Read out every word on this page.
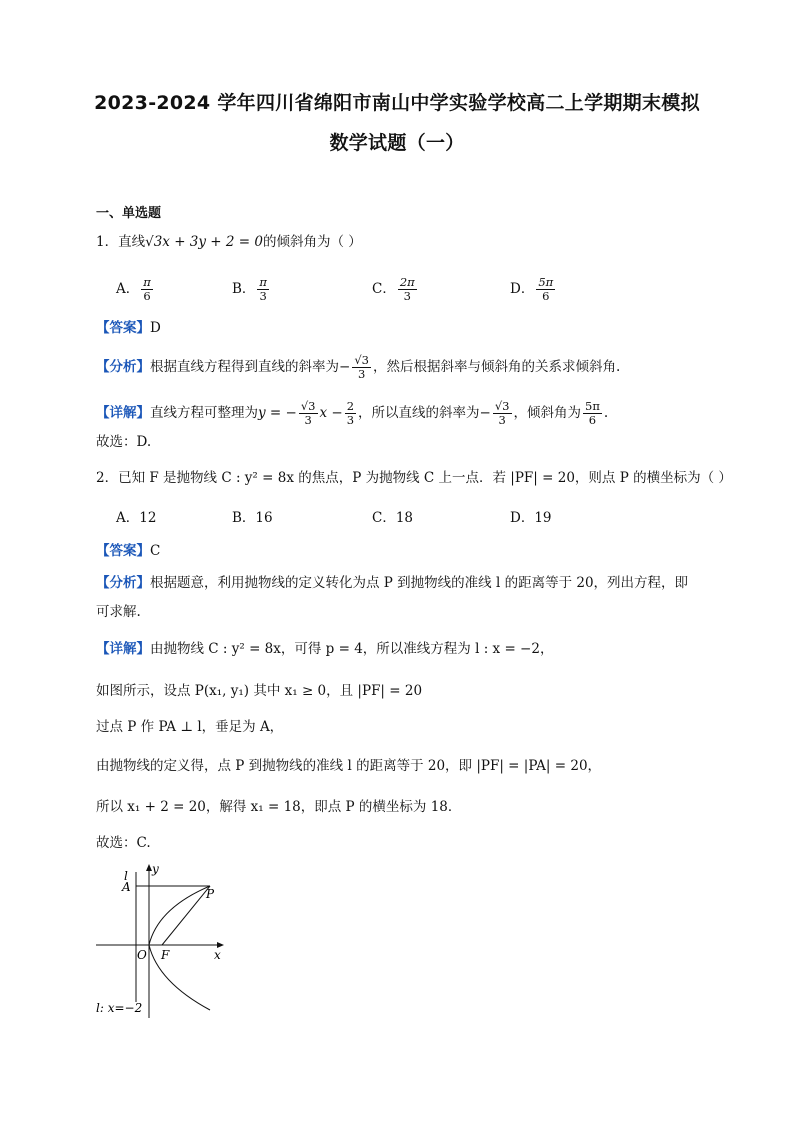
2023-2024 学年四川省绵阳市南山中学实验学校高二上学期期末模拟
数学试题（一）
一、单选题
1．直线√3x + 3y + 2 = 0的倾斜角为（ ）
A． $\frac{\pi}{6}$	B． $\frac{\pi}{3}$	C． $\frac{2\pi}{3}$	D． $\frac{5\pi}{6}$
【答案】D
【分析】根据直线方程得到直线的斜率为− $\frac{√3}{3}$ ，然后根据斜率与倾斜角的关系求倾斜角.
【详解】直线方程可整理为y = − $\frac{√3}{3}$ $x - \frac{2}{3}$ ，所以直线的斜率为− $\frac{√3}{3}$ ，倾斜角为 $\frac{5\pi}{6}$ .
故选：D.
2．已知 F 是抛物线 C : y² = 8x 的焦点，P 为抛物线 C 上一点．若 |PF| = 20，则点 P 的横坐标为（ ）
A．12	B．16	C．18	D．19
【答案】C
【分析】根据题意，利用抛物线的定义转化为点 P 到抛物线的准线 l 的距离等于 20，列出方程，即
可求解.
【详解】由抛物线 C : y² = 8x，可得 p = 4，所以准线方程为 l : x = −2，
如图所示，设点 P(x₁, y₁) 其中 x₁ ≥ 0，且 |PF| = 20
过点 P 作 PA ⊥ l，垂足为 A，
由抛物线的定义得，点 P 到抛物线的准线 l 的距离等于 20，即 |PF| = |PA| = 20，
所以 x₁ + 2 = 20，解得 x₁ = 18，即点 P 的横坐标为 18．
故选：C.
y
l
A	P
O F	x
l: x=−2
